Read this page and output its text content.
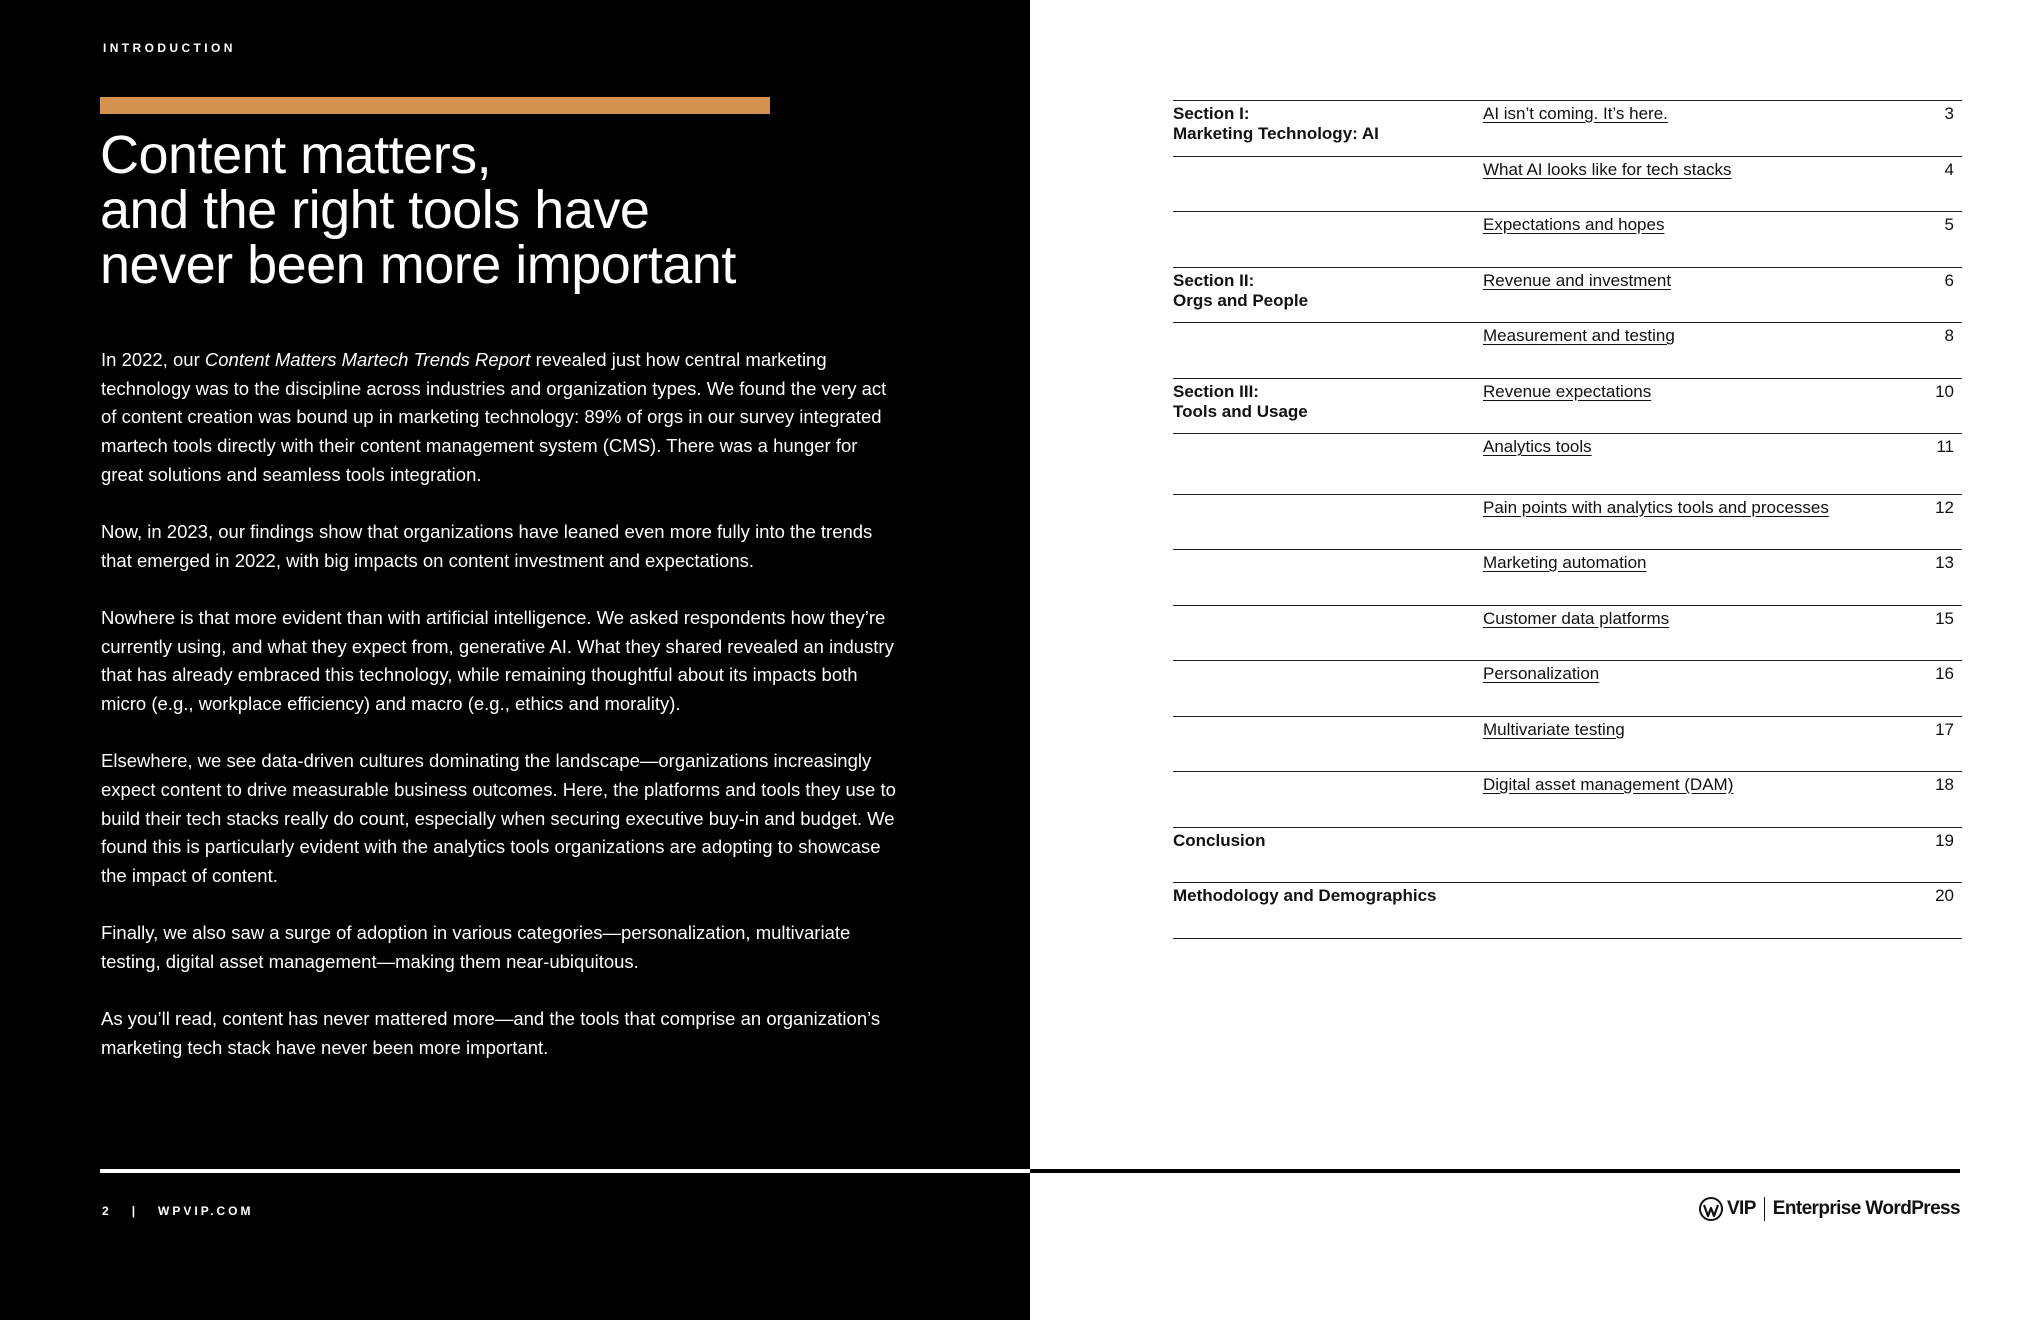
INTRODUCTION
Content matters,
and the right tools have
never been more important

In 2022, our Content Matters Martech Trends Report revealed just how central marketing technology was to the discipline across industries and organization types. We found the very act of content creation was bound up in marketing technology: 89% of orgs in our survey integrated martech tools directly with their content management system (CMS). There was a hunger for great solutions and seamless tools integration.

Now, in 2023, our findings show that organizations have leaned even more fully into the trends that emerged in 2022, with big impacts on content investment and expectations.

Nowhere is that more evident than with artificial intelligence. We asked respondents how they’re currently using, and what they expect from, generative AI. What they shared revealed an industry that has already embraced this technology, while remaining thoughtful about its impacts both micro (e.g., workplace efficiency) and macro (e.g., ethics and morality).

Elsewhere, we see data-driven cultures dominating the landscape—organizations increasingly expect content to drive measurable business outcomes. Here, the platforms and tools they use to build their tech stacks really do count, especially when securing executive buy-in and budget. We found this is particularly evident with the analytics tools organizations are adopting to showcase the impact of content.

Finally, we also saw a surge of adoption in various categories—personalization, multivariate testing, digital asset management—making them near-ubiquitous.

As you’ll read, content has never mattered more—and the tools that comprise an organization’s marketing tech stack have never been more important.

2 | WPVIP.COM
Section I:
Marketing Technology: AI
AI isn’t coming. It’s here.	3
What AI looks like for tech stacks	4
Expectations and hopes	5
Section II:
Orgs and People
Revenue and investment	6
Measurement and testing	8
Section III:
Tools and Usage
Revenue expectations	10
Analytics tools	11
Pain points with analytics tools and processes	12
Marketing automation	13
Customer data platforms	15
Personalization	16
Multivariate testing	17
Digital asset management (DAM)	18
Conclusion	19
Methodology and Demographics	20
VIP Enterprise WordPress
